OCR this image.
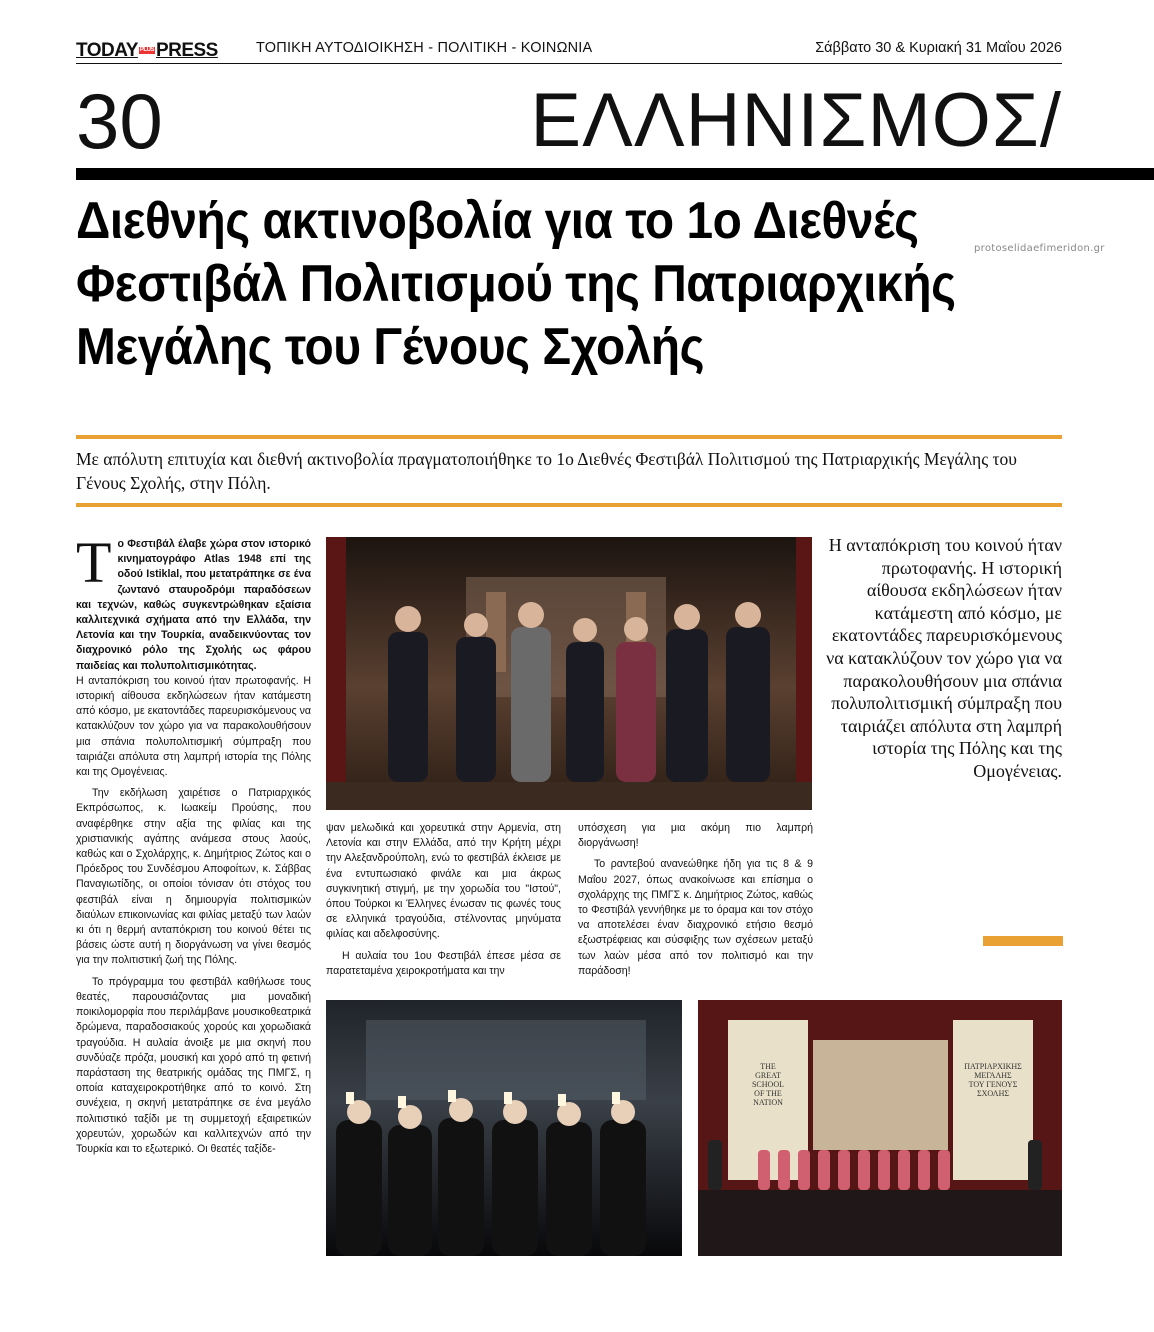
TODAY PLUS PRESS	ΤΟΠΙΚΗ ΑΥΤΟΔΙΟΙΚΗΣΗ - ΠΟΛΙΤΙΚΗ - ΚΟΙΝΩΝΙΑ	Σάββατο 30 & Κυριακή 31 Μαΐου 2026
30	ΕΛΛΗΝΙΣΜΟΣ/
Διεθνής ακτινοβολία για το 1ο Διεθνές
Φεστιβάλ Πολιτισμού της Πατριαρχικής
Μεγάλης του Γένους Σχολής
protoselidaefimeridon.gr
Με απόλυτη επιτυχία και διεθνή ακτινοβολία πραγματοποιήθηκε το 1ο Διεθνές Φεστιβάλ Πολιτισμού της Πατριαρχικής Μεγάλης του Γένους Σχολής, στην Πόλη.
Τ ο Φεστιβάλ έλαβε χώρα στον ιστορικό κινηματογράφο Atlas 1948 επί της οδού Istiklal, που μετατράπηκε σε ένα ζωντανό σταυροδρόμι παραδόσεων και τεχνών, καθώς συγκεντρώθηκαν εξαίσια καλλιτεχνικά σχήματα από την Ελλάδα, την Λετονία και την Τουρκία, αναδεικνύοντας τον διαχρονικό ρόλο της Σχολής ως φάρου παιδείας και πολυπολιτισμικότητας.

Η ανταπόκριση του κοινού ήταν πρωτοφανής. Η ιστορική αίθουσα εκδηλώσεων ήταν κατάμεστη από κόσμο, με εκατοντάδες παρευρισκόμενους να κατακλύζουν τον χώρο για να παρακολουθήσουν μια σπάνια πολυπολιτισμική σύμπραξη που ταιριάζει απόλυτα στη λαμπρή ιστορία της Πόλης και της Ομογένειας.

Την εκδήλωση χαιρέτισε ο Πατριαρχικός Εκπρόσωπος, κ. Ιωακείμ Προύσης, που αναφέρθηκε στην αξία της φιλίας και της χριστιανικής αγάπης ανάμεσα στους λαούς, καθώς και ο Σχολάρχης, κ. Δημήτριος Ζώτος και ο Πρόεδρος του Συνδέσμου Αποφοίτων, κ. Σάββας Παναγιωτίδης, οι οποίοι τόνισαν ότι στόχος του φεστιβάλ είναι η δημιουργία πολιτισμικών διαύλων επικοινωνίας και φιλίας μεταξύ των λαών κι ότι η θερμή ανταπόκριση του κοινού θέτει τις βάσεις ώστε αυτή η διοργάνωση να γίνει θεσμός για την πολιτιστική ζωή της Πόλης.

Το πρόγραμμα του φεστιβάλ καθήλωσε τους θεατές, παρουσιάζοντας μια μοναδική ποικιλομορφία που περιλάμβανε μουσικοθεατρικά δρώμενα, παραδοσιακούς χορούς και χορωδιακά τραγούδια. Η αυλαία άνοιξε με μια σκηνή που συνδύαζε πρόζα, μουσική και χορό από τη φετινή παράσταση της θεατρικής ομάδας της ΠΜΓΣ, η οποία καταχειροκροτήθηκε από το κοινό. Στη συνέχεια, η σκηνή μετατράπηκε σε ένα μεγάλο πολιτιστικό ταξίδι με τη συμμετοχή εξαιρετικών χορευτών, χορωδών και καλλιτεχνών από την Τουρκία και το εξωτερικό. Οι θεατές ταξίδε-

ψαν μελωδικά και χορευτικά στην Αρμενία, στη Λετονία και στην Ελλάδα, από την Κρήτη μέχρι την Αλεξανδρούπολη, ενώ το φεστιβάλ έκλεισε με ένα εντυπωσιακό φινάλε και μια άκρως συγκινητική στιγμή, με την χορωδία του "Ιστού", όπου Τούρκοι κι Έλληνες ένωσαν τις φωνές τους σε ελληνικά τραγούδια, στέλνοντας μηνύματα φιλίας και αδελφοσύνης.

Η αυλαία του 1ου Φεστιβάλ έπεσε μέσα σε παρατεταμένα χειροκροτήματα και την

υπόσχεση για μια ακόμη πιο λαμπρή διοργάνωση!

Το ραντεβού ανανεώθηκε ήδη για τις 8 & 9 Μαΐου 2027, όπως ανακοίνωσε και επίσημα ο σχολάρχης της ΠΜΓΣ κ. Δημήτριος Ζώτος, καθώς το Φεστιβάλ γεννήθηκε με το όραμα και τον στόχο να αποτελέσει έναν διαχρονικό ετήσιο θεσμό εξωστρέφειας και σύσφιξης των σχέσεων μεταξύ των λαών μέσα από τον πολιτισμό και την παράδοση!

Η ανταπόκριση του κοινού ήταν πρωτοφανής. Η ιστορική αίθουσα εκδηλώσεων ήταν κατάμεστη από κόσμο, με εκατοντάδες παρευρισκόμενους να κατακλύζουν τον χώρο για να παρακολουθήσουν μια σπάνια πολυπολιτισμική σύμπραξη που ταιριάζει απόλυτα στη λαμπρή ιστορία της Πόλης και της Ομογένειας.
THE
GREAT
SCHOOL
OF THE
NATION
ΠΑΤΡΙΑΡΧΙΚΗΣ
ΜΕΓΑΛΗΣ
ΤΟΥ ΓΕΝΟΥΣ
ΣΧΟΛΗΣ
